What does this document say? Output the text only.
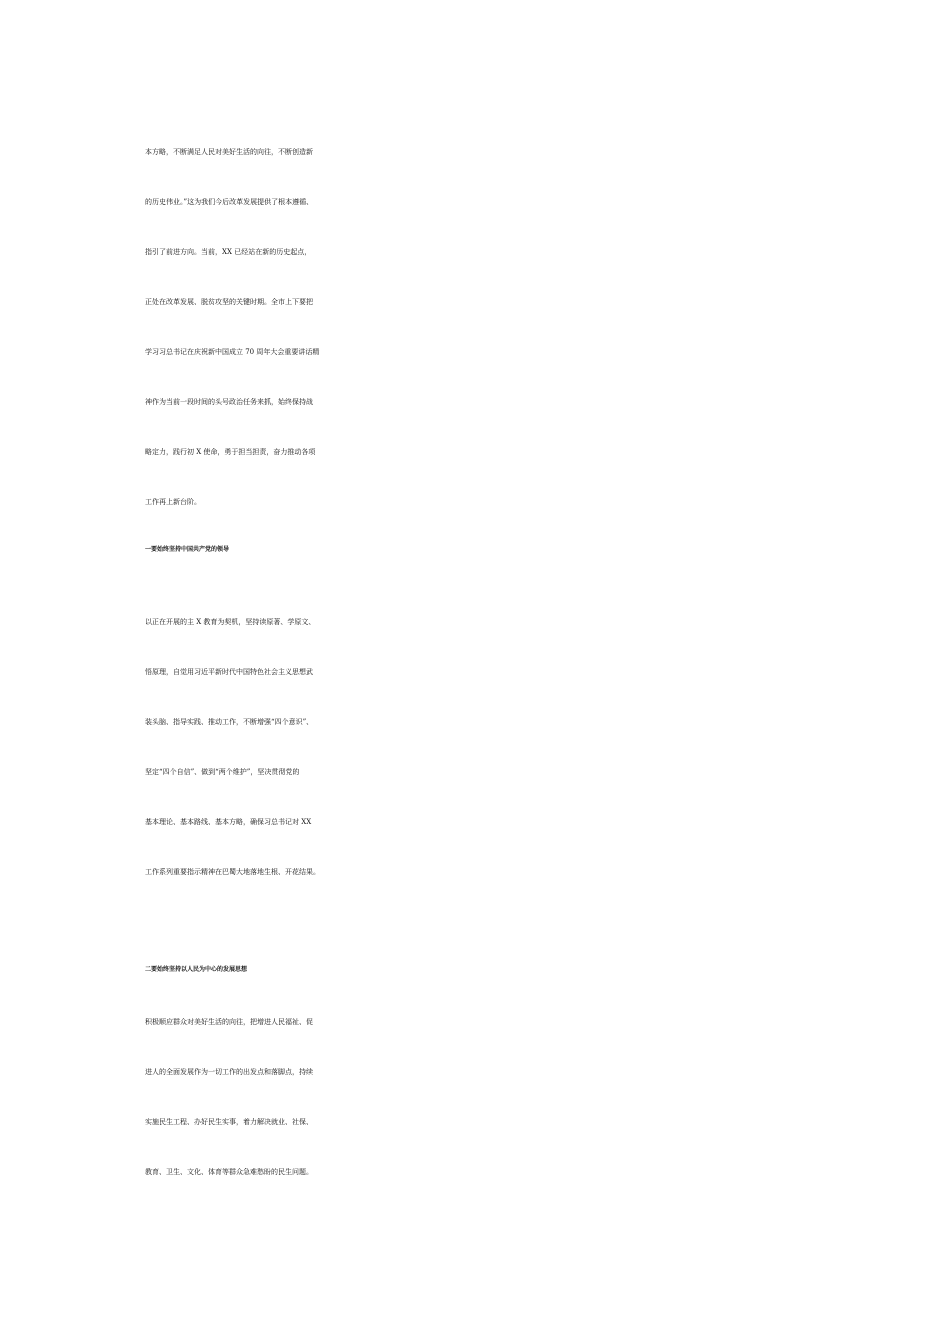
本方略，不断满足人民对美好生活的向往，不断创造新
的历史伟业。”这为我们今后改革发展提供了根本遵循、
指引了前进方向。当前，XX 已经站在新的历史起点，
正处在改革发展、脱贫攻坚的关键时期。全市上下要把
学习习总书记在庆祝新中国成立 70 周年大会重要讲话精
神作为当前一段时间的头号政治任务来抓，始终保持战
略定力，践行初 X 使命，勇于担当担责，奋力推动各项
工作再上新台阶。
一要始终坚持中国共产党的领导
以正在开展的主 X 教育为契机，坚持读原著、学原文、
悟原理，自觉用习近平新时代中国特色社会主义思想武
装头脑、指导实践、推动工作，不断增强“四个意识”、
坚定“四个自信”、做到“两个维护”，坚决贯彻党的
基本理论、基本路线、基本方略，确保习总书记对 XX
工作系列重要指示精神在巴蜀大地落地生根、开花结果。
二要始终坚持以人民为中心的发展思想
积极顺应群众对美好生活的向往，把增进人民福祉、促
进人的全面发展作为一切工作的出发点和落脚点，持续
实施民生工程、办好民生实事，着力解决就业、社保、
教育、卫生、文化、体育等群众急难愁盼的民生问题。
